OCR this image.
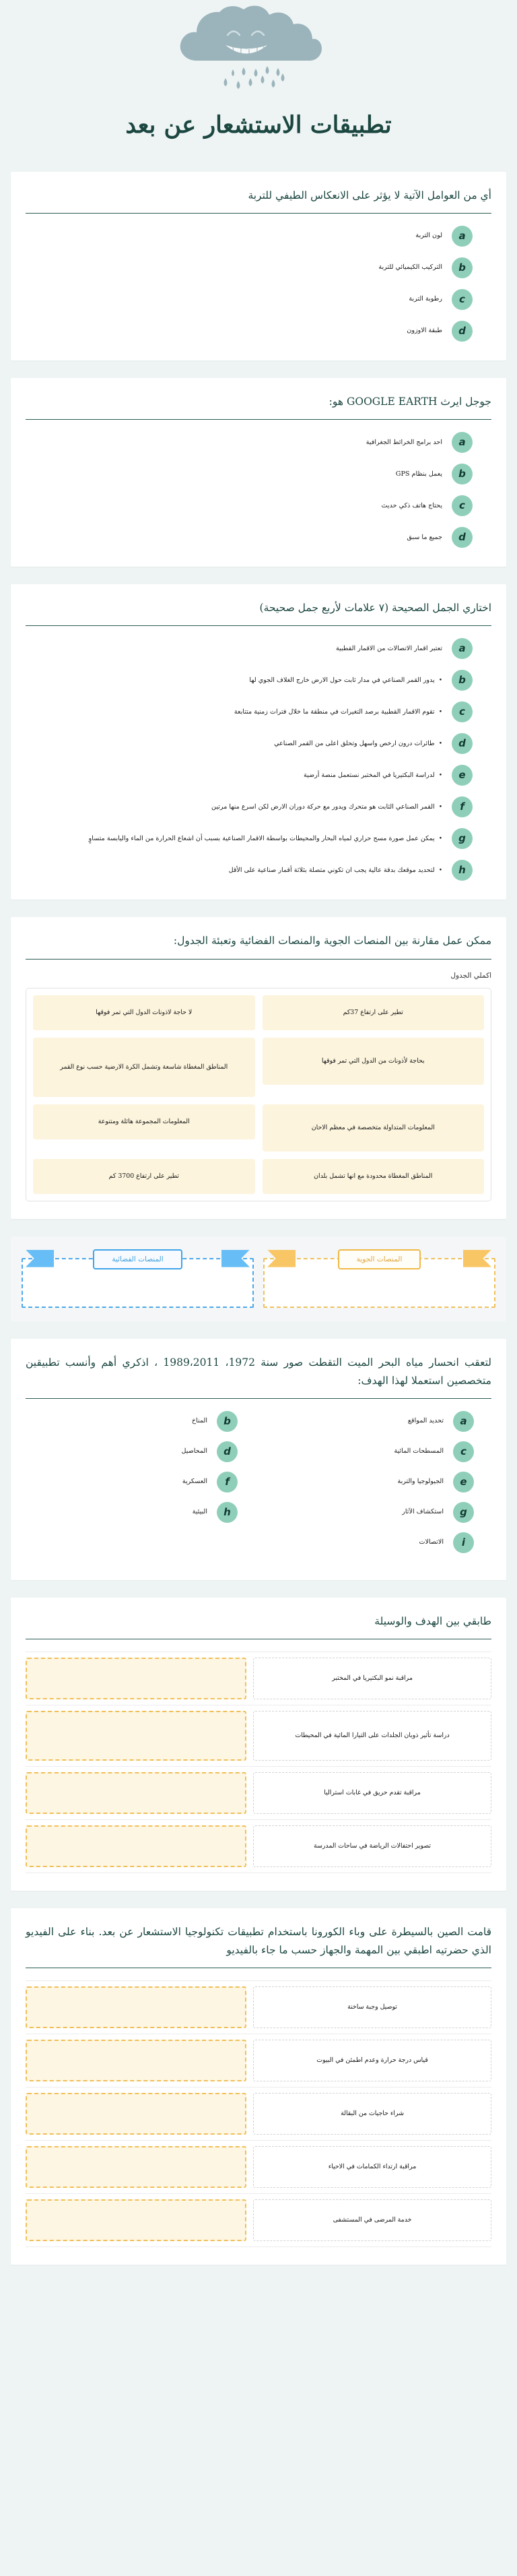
تطبيقات الاستشعار عن بعد
أي من العوامل الآتية لا يؤثر على الانعكاس الطيفي للتربة
a
لون التربة
b
التركيب الكيميائي للتربة
c
رطوبة التربة
d
طبقة الاوزون
جوجل ايرث GOOGLE EARTH هو:
a
احد برامج الخرائط الجغرافية
b
يعمل بنظام GPS
c
يحتاج هاتف ذكي حديث
d
جميع ما سبق
اختاري الجمل الصحيحة (٧ علامات لأربع جمل صحيحة)
a
تعتبر اقمار الاتصالات من الاقمار القطبية
b
•يدور القمر الصناعي في مدار ثابت حول الارض خارج الغلاف الجوي لها
c
•تقوم الاقمار القطبية برصد التغيرات في منطقة ما خلال فترات زمنية متتابعة
d
•طائرات درون ارخص واسهل وتحلق اعلى من القمر الصناعي
e
•لدراسة البكتيريا في المختبر نستعمل منصة أرضية
f
•القمر الصناعي الثابت هو متحرك ويدور مع حركة دوران الارض لكن اسرع منها مرتين
g
•يمكن عمل صورة مسح حراري لمياه البحار والمحيطات بواسطة الاقمار الصناعية بسبب أن اشعاع الحرارة من الماء واليابسة متساوٍ
h
•لتحديد موقعك بدقة عالية يجب ان تكوني متصلة بثلاثة أقمار صناعية على الأقل
ممكن عمل مقارنة بين المنصات الجوية والمنصات الفضائية وتعبئة الجدول:
اكملي الجدول
تطير على ارتفاع 37كم
لا حاجة لاذونات الدول التي تمر فوقها
بحاجة لأذونات من الدول التي تمر فوقها
المناطق المغطاة شاسعة وتشمل الكرة الارضية حسب نوع القمر
المعلومات المتداولة متخصصة في معظم الاحان
المعلومات المجموعة هائلة ومتنوعة
المناطق المغطاة محدودة مع انها تشمل بلدان
تطير على ارتفاع 3700 كم
المنصات الجوية
المنصات الفضائية
لتعقب انحسار مياه البحر الميت التقطت صور سنة 1972، 1989،2011 ، اذكري أهم وأنسب تطبيقين متخصصين استعملا لهذا الهدف:
a
تحديد المواقع
b
المناخ
c
المسطحات المائية
d
المحاصيل
e
الجيولوجيا والتربة
f
العسكرية
g
استكشاف الآثار
h
البيئية
i
الاتصالات
طابقي بين الهدف والوسيلة
مراقبة نمو البكتيريا في المختبر
دراسة تأثير ذوبان الجلدات على التيارا المائية في المحيطات
مراقبة تقدم حريق في غابات استراليا
تصوير احتفالات الرياضة في ساحات المدرسة
قامت الصين بالسيطرة على وباء الكورونا باستخدام تطبيقات تكنولوجيا الاستشعار عن بعد. بناء على الفيديو الذي حضرتيه اطبقي بين المهمة والجهاز حسب ما جاء بالفيديو
توصيل وجبة ساخنة
قياس درجة حرارة وعدم اطمئن في البيوت
شراء حاجيات من البقالة
مراقبة ارتداء الكمامات في الاحياء
خدمة المرضى في المستشفى
